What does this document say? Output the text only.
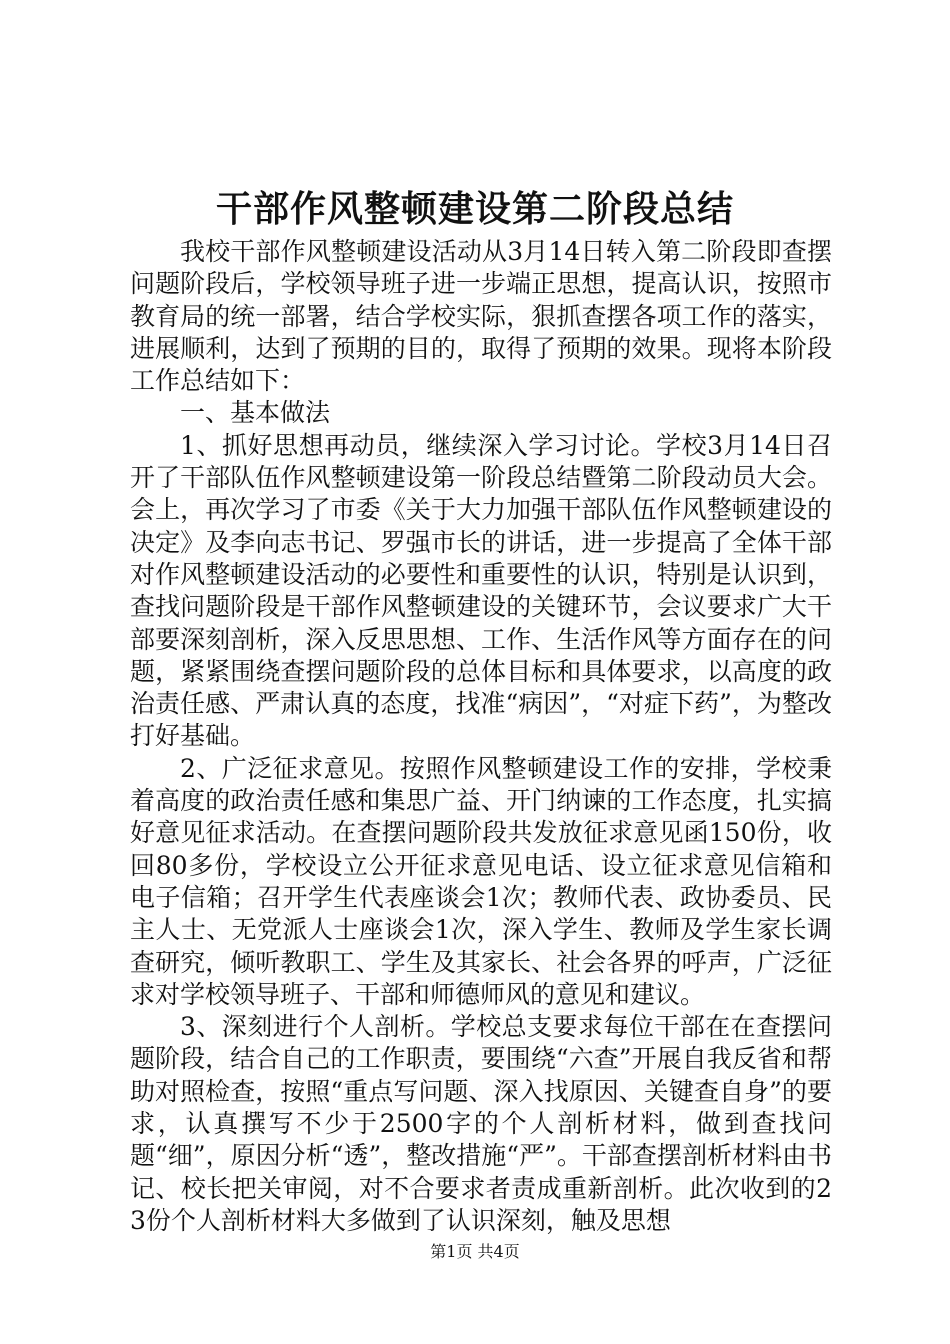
干部作风整顿建设第二阶段总结

我校干部作风整顿建设活动从3月14日转入第二阶段即查摆问题阶段后，学校领导班子进一步端正思想，提高认识，按照市教育局的统一部署，结合学校实际，狠抓查摆各项工作的落实，进展顺利，达到了预期的目的，取得了预期的效果。现将本阶段工作总结如下：

一、基本做法

1、抓好思想再动员，继续深入学习讨论。学校3月14日召开了干部队伍作风整顿建设第一阶段总结暨第二阶段动员大会。会上，再次学习了市委《关于大力加强干部队伍作风整顿建设的决定》及李向志书记、罗强市长的讲话，进一步提高了全体干部对作风整顿建设活动的必要性和重要性的认识，特别是认识到，查找问题阶段是干部作风整顿建设的关键环节，会议要求广大干部要深刻剖析，深入反思思想、工作、生活作风等方面存在的问题，紧紧围绕查摆问题阶段的总体目标和具体要求，以高度的政治责任感、严肃认真的态度，找准“病因”，“对症下药”，为整改打好基础。

2、广泛征求意见。按照作风整顿建设工作的安排，学校秉着高度的政治责任感和集思广益、开门纳谏的工作态度，扎实搞好意见征求活动。在查摆问题阶段共发放征求意见函150份，收回80多份，学校设立公开征求意见电话、设立征求意见信箱和电子信箱；召开学生代表座谈会1次；教师代表、政协委员、民主人士、无党派人士座谈会1次，深入学生、教师及学生家长调查研究，倾听教职工、学生及其家长、社会各界的呼声，广泛征求对学校领导班子、干部和师德师风的意见和建议。

3、深刻进行个人剖析。学校总支要求每位干部在在查摆问题阶段，结合自己的工作职责，要围绕“六查”开展自我反省和帮助对照检查，按照“重点写问题、深入找原因、关键查自身”的要求，认真撰写不少于2500字的个人剖析材料，做到查找问题“细”，原因分析“透”，整改措施“严”。干部查摆剖析材料由书记、校长把关审阅，对不合要求者责成重新剖析。此次收到的23份个人剖析材料大多做到了认识深刻，触及思想

第1页 共4页
